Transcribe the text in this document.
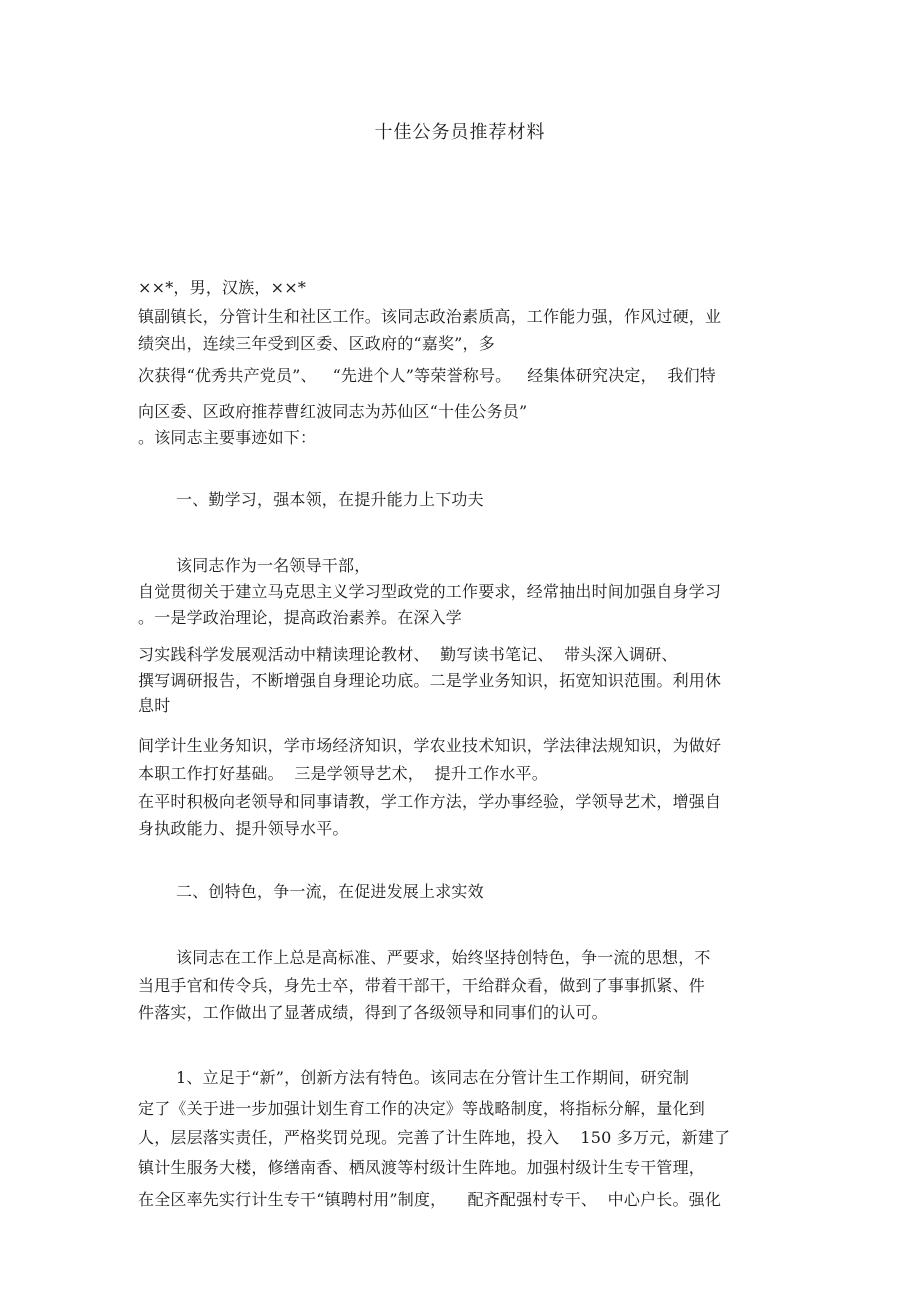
十佳公务员推荐材料
××*，男，汉族，××*
镇副镇长，分管计生和社区工作。该同志政治素质高，工作能力强，作风过硬，业
绩突出，连续三年受到区委、区政府的“嘉奖”，多
次获得“优秀共产党员”、   “先进个人”等荣誉称号。   经集体研究决定，  我们特
向区委、区政府推荐曹红波同志为苏仙区“十佳公务员”
。该同志主要事迹如下：
一、勤学习，强本领，在提升能力上下功夫
该同志作为一名领导干部，
自觉贯彻关于建立马克思主义学习型政党的工作要求，经常抽出时间加强自身学习
。一是学政治理论，提高政治素养。在深入学
习实践科学发展观活动中精读理论教材、  勤写读书笔记、  带头深入调研、
撰写调研报告，不断增强自身理论功底。二是学业务知识，拓宽知识范围。利用休
息时
间学计生业务知识，学市场经济知识，学农业技术知识，学法律法规知识，为做好
本职工作打好基础。  三是学领导艺术，  提升工作水平。
在平时积极向老领导和同事请教，学工作方法，学办事经验，学领导艺术，增强自
身执政能力、提升领导水平。
二、创特色，争一流，在促进发展上求实效
该同志在工作上总是高标准、严要求，始终坚持创特色，争一流的思想，不
当甩手官和传令兵，身先士卒，带着干部干，干给群众看，做到了事事抓紧、件
件落实，工作做出了显著成绩，得到了各级领导和同事们的认可。
1、立足于“新”，创新方法有特色。该同志在分管计生工作期间，研究制
定了《关于进一步加强计划生育工作的决定》等战略制度，将指标分解，量化到
人，层层落实责任，严格奖罚兑现。完善了计生阵地，投入    150 多万元，新建了
镇计生服务大楼，修缮南香、栖凤渡等村级计生阵地。加强村级计生专干管理，
在全区率先实行计生专干“镇聘村用”制度，    配齐配强村专干、  中心户长。强化
